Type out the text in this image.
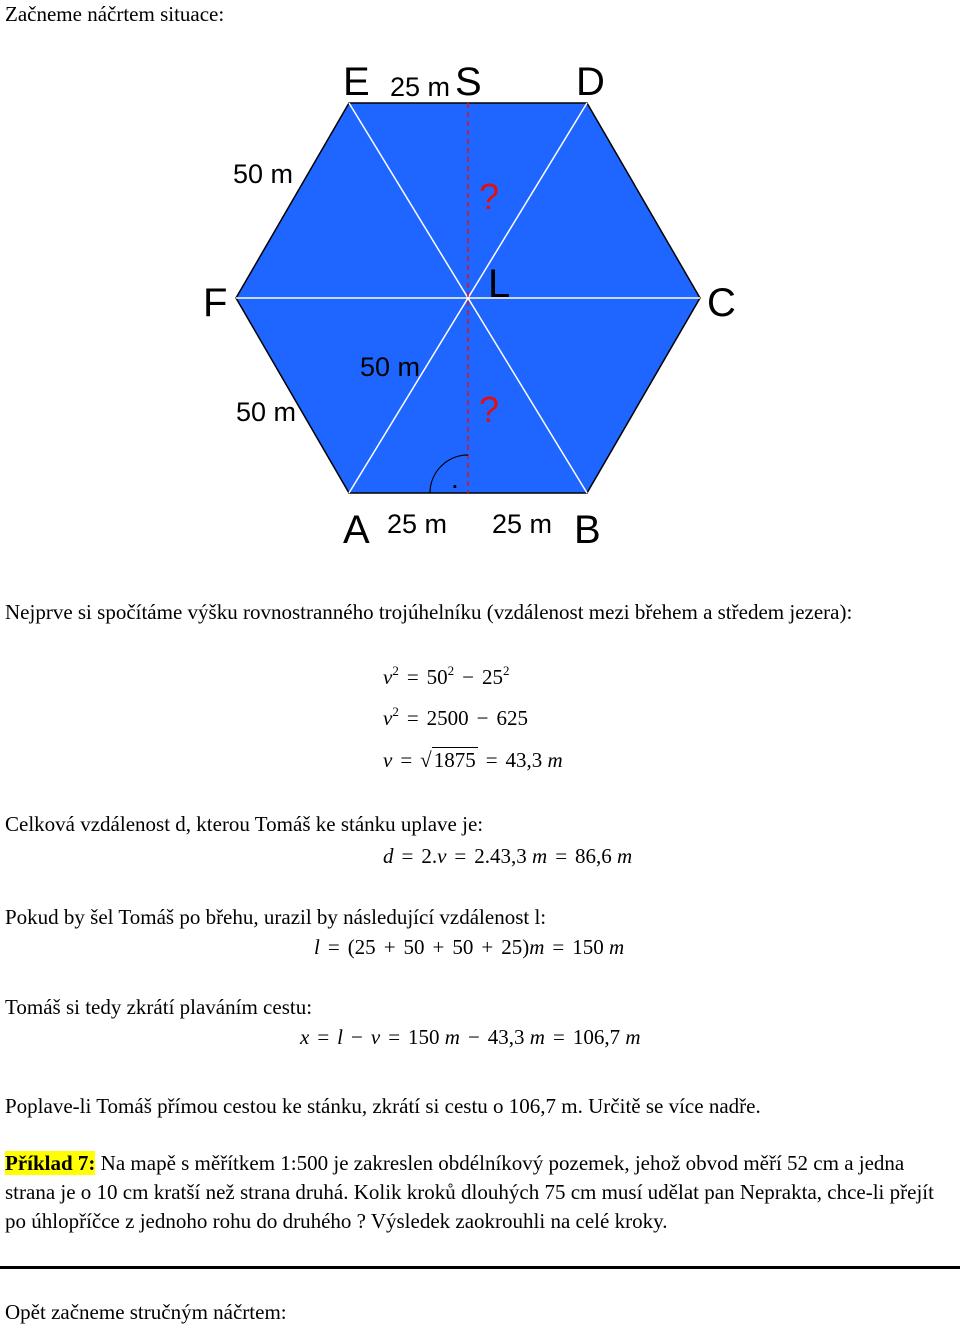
Začneme náčrtem situace:
.
E 25 m S D
50 m
?
F	L	C
50 m
50 m	?
A 25 m 25 m B
Nejprve si spočítáme výšku rovnostranného trojúhelníku (vzdálenost mezi břehem a středem jezera):
$v^2 = 50^2 - 25^2$
$v^2 = 2500 - 625$
v = √1875 = 43,3 m
Celková vzdálenost d, kterou Tomáš ke stánku uplave je:
d = 2.v = 2.43,3 m = 86,6 m
Pokud by šel Tomáš po břehu, urazil by následující vzdálenost l:
l = (25 + 50 + 50 + 25)m = 150 m
Tomáš si tedy zkrátí plaváním cestu:
x = l − v = 150 m − 43,3 m = 106,7 m
Poplave-li Tomáš přímou cestou ke stánku, zkrátí si cestu o 106,7 m. Určitě se více nadře.
Příklad 7: Na mapě s měřítkem 1:500 je zakreslen obdélníkový pozemek, jehož obvod měří 52 cm a jedna strana je o 10 cm kratší než strana druhá. Kolik kroků dlouhých 75 cm musí udělat pan Neprakta, chce-li přejít po úhlopříčce z jednoho rohu do druhého ? Výsledek zaokrouhli na celé kroky.
Opět začneme stručným náčrtem:
